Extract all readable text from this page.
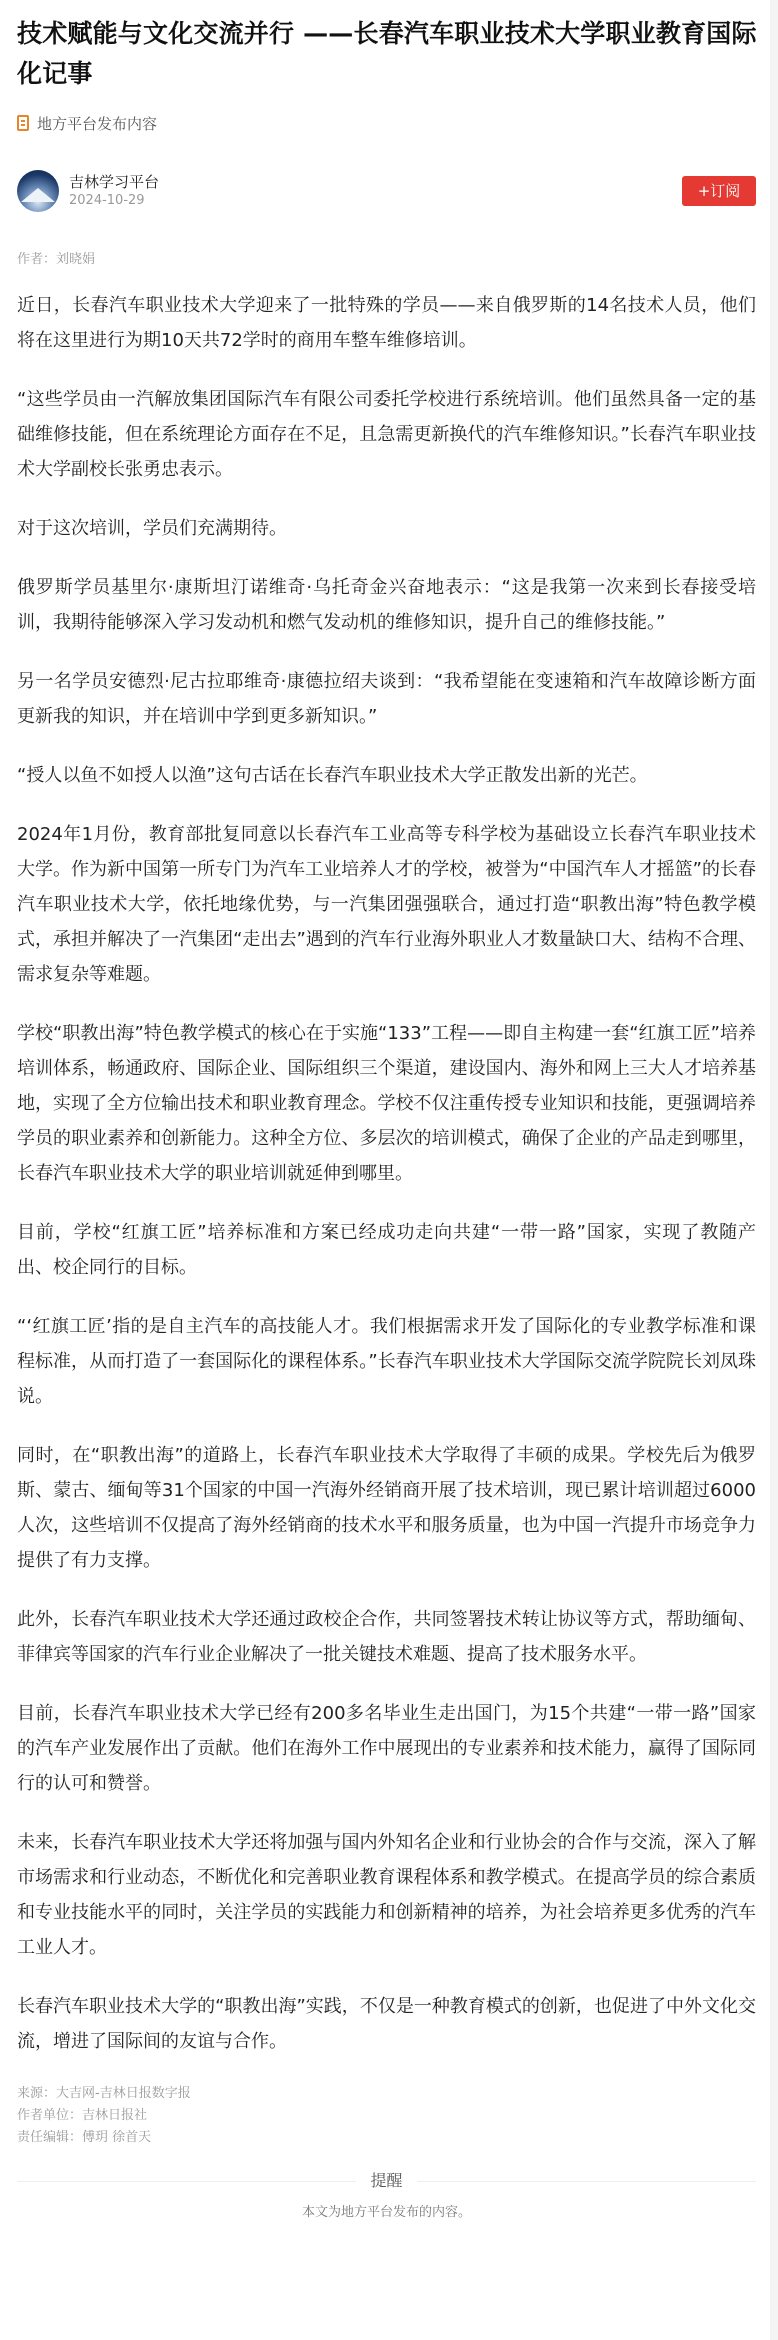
技术赋能与文化交流并行 ——长春汽车职业技术大学职业教育国际化记事
地方平台发布内容
吉林学习平台
2024-10-29
+订阅
作者：刘晓娟

近日，长春汽车职业技术大学迎来了一批特殊的学员——来自俄罗斯的14名技术人员，他们将在这里进行为期10天共72学时的商用车整车维修培训。

“这些学员由一汽解放集团国际汽车有限公司委托学校进行系统培训。他们虽然具备一定的基础维修技能，但在系统理论方面存在不足，且急需更新换代的汽车维修知识。”长春汽车职业技术大学副校长张勇忠表示。

对于这次培训，学员们充满期待。

俄罗斯学员基里尔·康斯坦汀诺维奇·乌托奇金兴奋地表示：“这是我第一次来到长春接受培训，我期待能够深入学习发动机和燃气发动机的维修知识，提升自己的维修技能。”

另一名学员安德烈·尼古拉耶维奇·康德拉绍夫谈到：“我希望能在变速箱和汽车故障诊断方面更新我的知识，并在培训中学到更多新知识。”

“授人以鱼不如授人以渔”这句古话在长春汽车职业技术大学正散发出新的光芒。

2024年1月份，教育部批复同意以长春汽车工业高等专科学校为基础设立长春汽车职业技术大学。作为新中国第一所专门为汽车工业培养人才的学校，被誉为“中国汽车人才摇篮”的长春汽车职业技术大学，依托地缘优势，与一汽集团强强联合，通过打造“职教出海”特色教学模式，承担并解决了一汽集团“走出去”遇到的汽车行业海外职业人才数量缺口大、结构不合理、需求复杂等难题。

学校“职教出海”特色教学模式的核心在于实施“133”工程——即自主构建一套“红旗工匠”培养培训体系，畅通政府、国际企业、国际组织三个渠道，建设国内、海外和网上三大人才培养基地，实现了全方位输出技术和职业教育理念。学校不仅注重传授专业知识和技能，更强调培养学员的职业素养和创新能力。这种全方位、多层次的培训模式，确保了企业的产品走到哪里，长春汽车职业技术大学的职业培训就延伸到哪里。

目前，学校“红旗工匠”培养标准和方案已经成功走向共建“一带一路”国家，实现了教随产出、校企同行的目标。

“‘红旗工匠’指的是自主汽车的高技能人才。我们根据需求开发了国际化的专业教学标准和课程标准，从而打造了一套国际化的课程体系。”长春汽车职业技术大学国际交流学院院长刘凤珠说。

同时，在“职教出海”的道路上，长春汽车职业技术大学取得了丰硕的成果。学校先后为俄罗斯、蒙古、缅甸等31个国家的中国一汽海外经销商开展了技术培训，现已累计培训超过6000人次，这些培训不仅提高了海外经销商的技术水平和服务质量，也为中国一汽提升市场竞争力提供了有力支撑。

此外，长春汽车职业技术大学还通过政校企合作，共同签署技术转让协议等方式，帮助缅甸、菲律宾等国家的汽车行业企业解决了一批关键技术难题、提高了技术服务水平。

目前，长春汽车职业技术大学已经有200多名毕业生走出国门，为15个共建“一带一路”国家的汽车产业发展作出了贡献。他们在海外工作中展现出的专业素养和技术能力，赢得了国际同行的认可和赞誉。

未来，长春汽车职业技术大学还将加强与国内外知名企业和行业协会的合作与交流，深入了解市场需求和行业动态，不断优化和完善职业教育课程体系和教学模式。在提高学员的综合素质和专业技能水平的同时，关注学员的实践能力和创新精神的培养，为社会培养更多优秀的汽车工业人才。

长春汽车职业技术大学的“职教出海”实践，不仅是一种教育模式的创新，也促进了中外文化交流，增进了国际间的友谊与合作。

来源：大吉网-吉林日报数字报
作者单位：吉林日报社
责任编辑：傅玥 徐首天
提醒
本文为地方平台发布的内容。
